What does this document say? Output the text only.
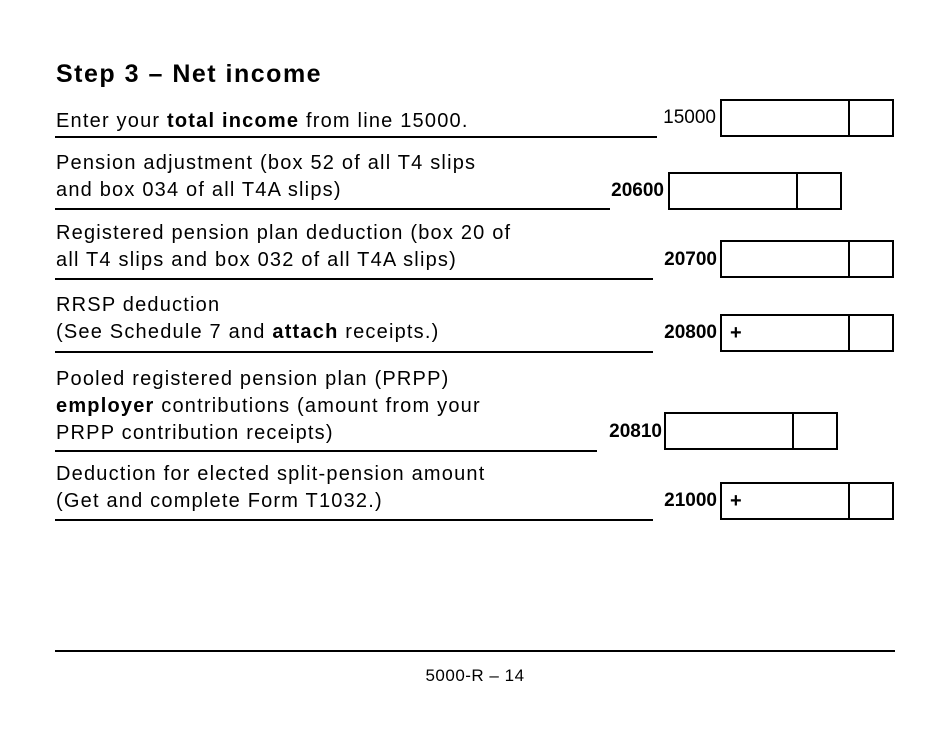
Step 3 – Net income
Enter your total income from line 15000.	15000
Pension adjustment (box 52 of all T4 slips
and box 034 of all T4A slips)	20600
Registered pension plan deduction (box 20 of
all T4 slips and box 032 of all T4A slips)	20700
RRSP deduction
(See Schedule 7 and attach receipts.)	20800 +
Pooled registered pension plan (PRPP)
employer contributions (amount from your
PRPP contribution receipts)	20810
Deduction for elected split-pension amount
(Get and complete Form T1032.)	21000 +
5000-R – 14
